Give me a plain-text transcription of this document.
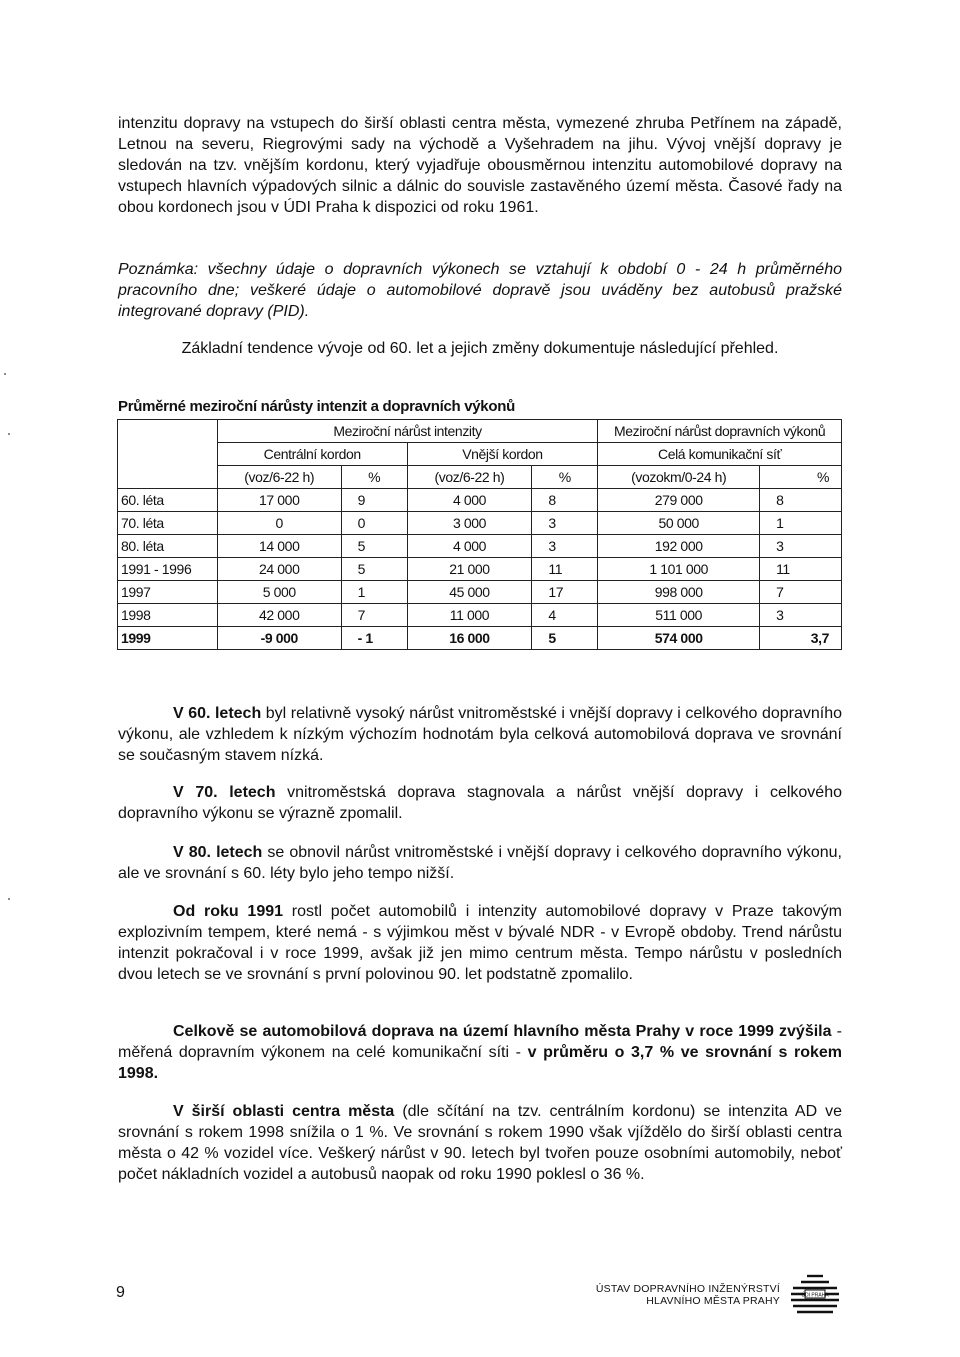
intenzitu dopravy na vstupech do širší oblasti centra města, vymezené zhruba Petřínem na západě, Letnou na severu, Riegrovými sady na východě a Vyšehradem na jihu. Vývoj vnější dopravy je sledován na tzv. vnějším kordonu, který vyjadřuje obousměrnou intenzitu automobilové dopravy na vstupech hlavních výpadových silnic a dálnic do souvisle zastavěného území města. Časové řady na obou kordonech jsou v ÚDI Praha k dispozici od roku 1961.

Poznámka: všechny údaje o dopravních výkonech se vztahují k období 0 - 24 h průměrného pracovního dne; veškeré údaje o automobilové dopravě jsou uváděny bez autobusů pražské integrované dopravy (PID).

Základní tendence vývoje od 60. let a jejich změny dokumentuje následující přehled.

Průměrné meziroční nárůsty intenzit a dopravních výkonů
	Meziroční nárůst intenzity				Meziroční nárůst dopravních výkonů	
	Centrální kordon		Vnější kordon		Celá komunikační síť	
	(voz/6-22 h)	%	(voz/6-22 h)	%	(vozokm/0-24 h)	%
60. léta	17 000	9	4 000	8	279 000	8
70. léta	0	0	3 000	3	50 000	1
80. léta	14 000	5	4 000	3	192 000	3
1991 - 1996	24 000	5	21 000	11	1 101 000	11
1997	5 000	1	45 000	17	998 000	7
1998	42 000	7	11 000	4	511 000	3
1999	-9 000	- 1	16 000	5	574 000	3,7
V 60. letech byl relativně vysoký nárůst vnitroměstské i vnější dopravy i celkového dopravního výkonu, ale vzhledem k nízkým výchozím hodnotám byla celková automobilová doprava ve srovnání se současným stavem nízká.
V 70. letech vnitroměstská doprava stagnovala a nárůst vnější dopravy i celkového dopravního výkonu se výrazně zpomalil.
V 80. letech se obnovil nárůst vnitroměstské i vnější dopravy i celkového dopravního výkonu, ale ve srovnání s 60. léty bylo jeho tempo nižší.
Od roku 1991 rostl počet automobilů i intenzity automobilové dopravy v Praze takovým explozivním tempem, které nemá - s výjimkou měst v bývalé NDR - v Evropě obdoby. Trend nárůstu intenzit pokračoval i v roce 1999, avšak již jen mimo centrum města. Tempo nárůstu v posledních dvou letech se ve srovnání s první polovinou 90. let podstatně zpomalilo.
Celkově se automobilová doprava na území hlavního města Prahy v roce 1999 zvýšila - měřená dopravním výkonem na celé komunikační síti - v průměru o 3,7 % ve srovnání s rokem 1998.
V širší oblasti centra města (dle sčítání na tzv. centrálním kordonu) se intenzita AD ve srovnání s rokem 1998 snížila o 1 %. Ve srovnání s rokem 1990 však vjíždělo do širší oblasti centra města o 42 % vozidel více. Veškerý nárůst v 90. letech byl tvořen pouze osobními automobily, neboť počet nákladních vozidel a autobusů naopak od roku 1990 poklesl o 36 %.
9	ÚSTAV DOPRAVNÍHO INŽENÝRSTVÍ
HLAVNÍHO MĚSTA PRAHY	ÚDI PRAHA
